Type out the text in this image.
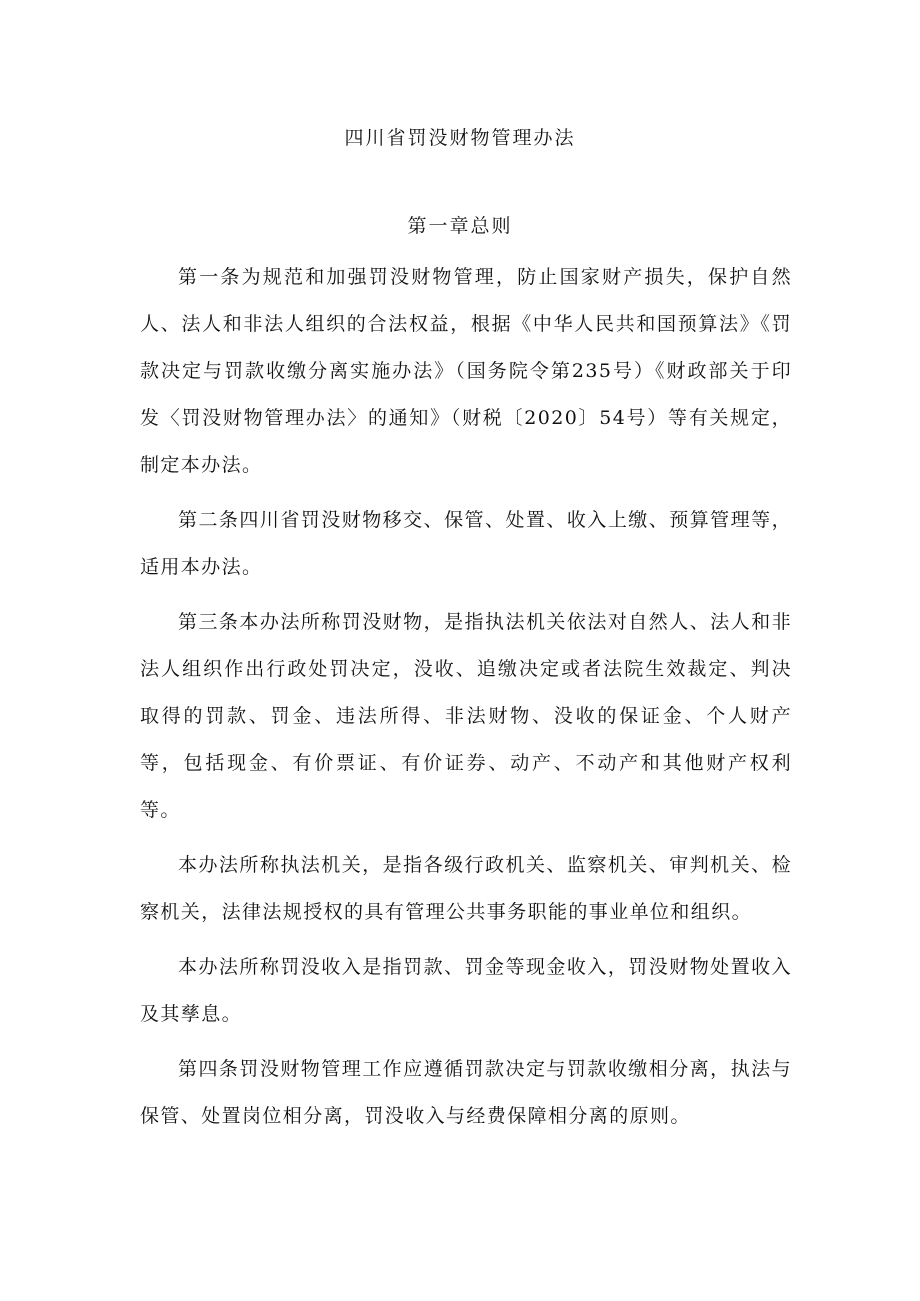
四川省罚没财物管理办法
第一章总则

第一条为规范和加强罚没财物管理，防止国家财产损失，保护自然人、法人和非法人组织的合法权益，根据《中华人民共和国预算法》《罚款决定与罚款收缴分离实施办法》（国务院令第235号）《财政部关于印发〈罚没财物管理办法〉的通知》（财税〔2020〕54号）等有关规定，制定本办法。

第二条四川省罚没财物移交、保管、处置、收入上缴、预算管理等，适用本办法。

第三条本办法所称罚没财物，是指执法机关依法对自然人、法人和非法人组织作出行政处罚决定，没收、追缴决定或者法院生效裁定、判决取得的罚款、罚金、违法所得、非法财物、没收的保证金、个人财产等，包括现金、有价票证、有价证券、动产、不动产和其他财产权利等。

本办法所称执法机关，是指各级行政机关、监察机关、审判机关、检察机关，法律法规授权的具有管理公共事务职能的事业单位和组织。

本办法所称罚没收入是指罚款、罚金等现金收入，罚没财物处置收入及其孳息。

第四条罚没财物管理工作应遵循罚款决定与罚款收缴相分离，执法与保管、处置岗位相分离，罚没收入与经费保障相分离的原则。
